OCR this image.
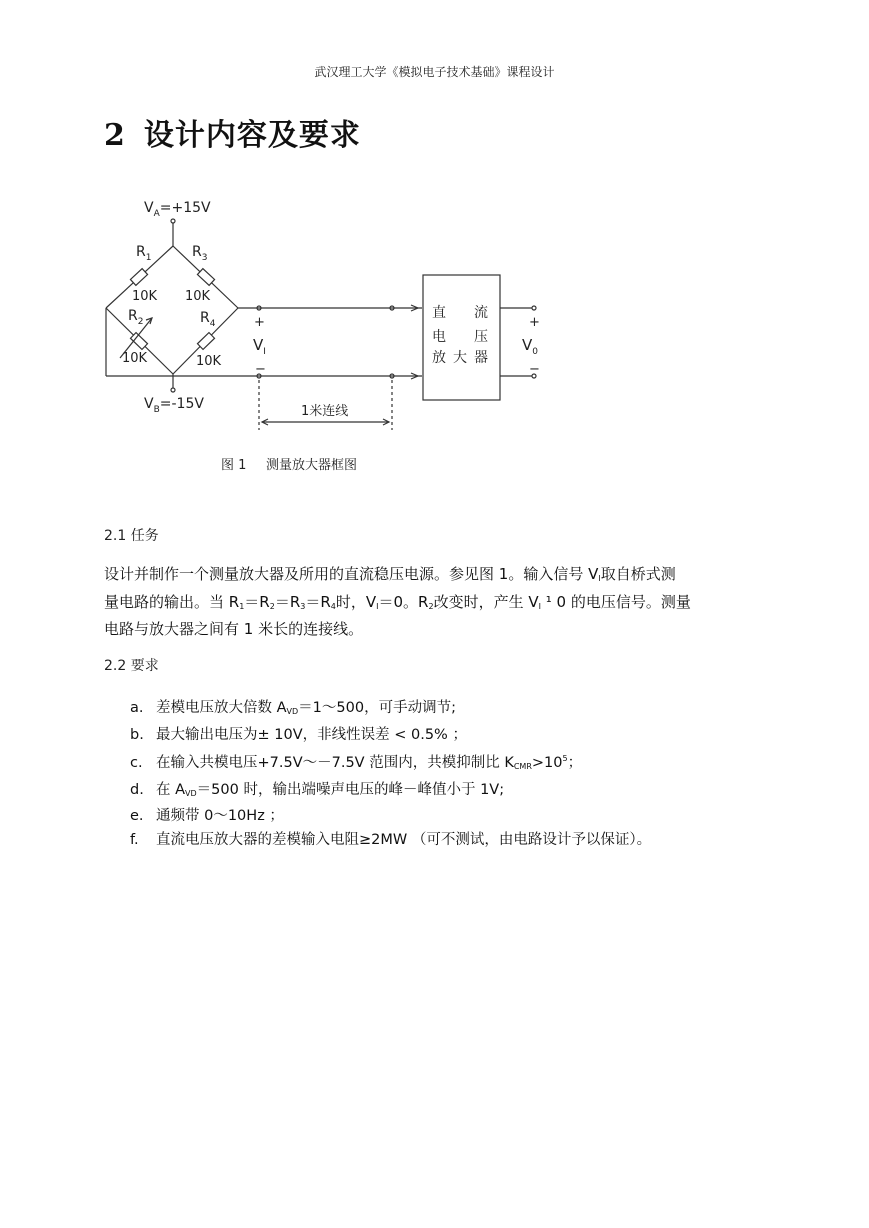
武汉理工大学《模拟电子技术基础》课程设计
2 设计内容及要求
$V_A=+15V$
$R_1$	$R_3$
10K 10K
$R_2$	$R_4$
10K	10K
$V_B=-15V$
+
$V_I$
−
+
$V_0$
−
1米连线
直 流
电 压
放 大 器
图 1 测量放大器框图
2.1 任务
设计并制作一个测量放大器及所用的直流稳压电源。参见图 1。输入信号 $V_I$取自桥式测
量电路的输出。当 $R_1=R_2=R_3=R_4$时，$V_I=0$。$R_2$改变时，产生 $V_I$ ¹ 0 的电压信号。测量
电路与放大器之间有 1 米长的连接线。
2.2 要求
a. 差模电压放大倍数 $A_{VD}=1\sim 500$，可手动调节;
b. 最大输出电压为± 10V，非线性误差 < 0.5% ；
c. 在输入共模电压+7.5V～－7.5V 范围内，共模抑制比 $K_{CMR}>10^5$；
d. 在 $A_{VD}=500$ 时，输出端噪声电压的峰－峰值小于 1V;
e. 通频带 0～10Hz ；
f. 直流电压放大器的差模输入电阻≥2MW （可不测试，由电路设计予以保证）。
